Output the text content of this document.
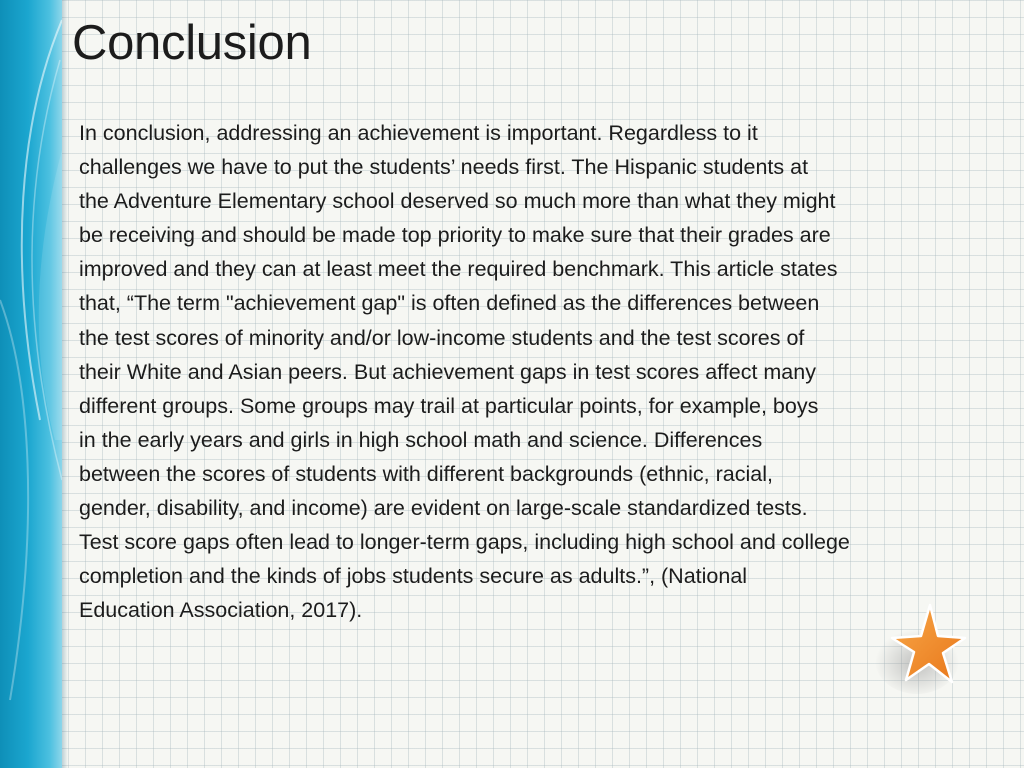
Conclusion

In conclusion, addressing an achievement is important. Regardless to it
challenges we have to put the students’ needs first. The Hispanic students at
the Adventure Elementary school deserved so much more than what they might
be receiving and should be made top priority to make sure that their grades are
improved and they can at least meet the required benchmark. This article states
that, “The term "achievement gap" is often defined as the differences between
the test scores of minority and/or low-income students and the test scores of
their White and Asian peers. But achievement gaps in test scores affect many
different groups. Some groups may trail at particular points, for example, boys
in the early years and girls in high school math and science. Differences
between the scores of students with different backgrounds (ethnic, racial,
gender, disability, and income) are evident on large-scale standardized tests.
Test score gaps often lead to longer-term gaps, including high school and college
completion and the kinds of jobs students secure as adults.”, (National
Education Association, 2017).
